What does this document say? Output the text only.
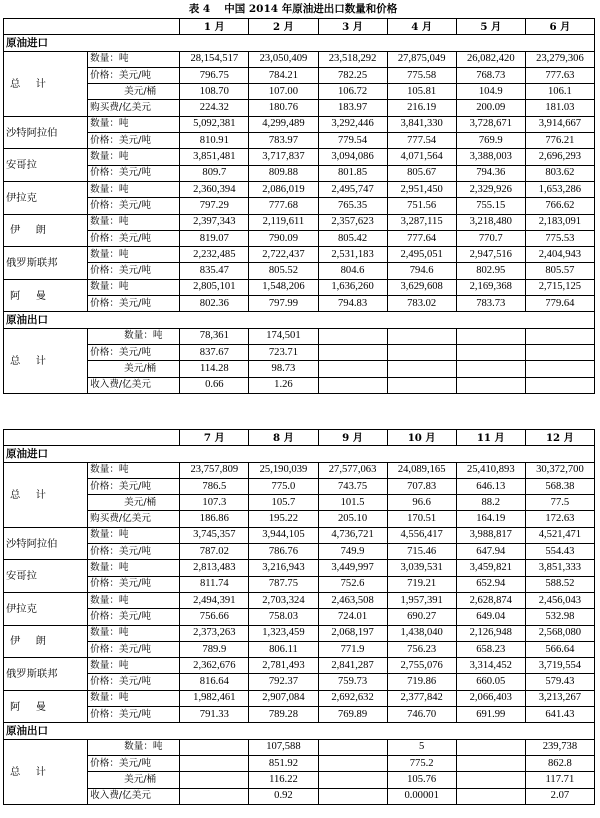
表 4 中国 2014 年原油进出口数量和价格
		1 月	2 月	3 月	4 月	5 月	6 月
原油进口							
总 计	数量：吨	28,154,517	23,050,409	23,518,292	27,875,049	26,082,420	23,279,306
	价格：美元/吨	796.75	784.21	782.25	775.58	768.73	777.63
	美元/桶	108.70	107.00	106.72	105.81	104.9	106.1
	购买费/亿美元	224.32	180.76	183.97	216.19	200.09	181.03
沙特阿拉伯	数量：吨	5,092,381	4,299,489	3,292,446	3,841,330	3,728,671	3,914,667
	价格：美元/吨	810.91	783.97	779.54	777.54	769.9	776.21
安哥拉	数量：吨	3,851,481	3,717,837	3,094,086	4,071,564	3,388,003	2,696,293
	价格：美元/吨	809.7	809.88	801.85	805.67	794.36	803.62
伊拉克	数量：吨	2,360,394	2,086,019	2,495,747	2,951,450	2,329,926	1,653,286
	价格：美元/吨	797.29	777.68	765.35	751.56	755.15	766.62
伊 朗	数量：吨	2,397,343	2,119,611	2,357,623	3,287,115	3,218,480	2,183,091
	价格：美元/吨	819.07	790.09	805.42	777.64	770.7	775.53
俄罗斯联邦	数量：吨	2,232,485	2,722,437	2,531,183	2,495,051	2,947,516	2,404,943
	价格：美元/吨	835.47	805.52	804.6	794.6	802.95	805.57
阿 曼	数量：吨	2,805,101	1,548,206	1,636,260	3,629,608	2,169,368	2,715,125
	价格：美元/吨	802.36	797.99	794.83	783.02	783.73	779.64
原油出口							
总 计	数量：吨	78,361	174,501				
	价格：美元/吨	837.67	723.71				
	美元/桶	114.28	98.73				
	收入费/亿美元	0.66	1.26				
		7 月	8 月	9 月	10 月	11 月	12 月
原油进口							
总 计	数量：吨	23,757,809	25,190,039	27,577,063	24,089,165	25,410,893	30,372,700
	价格：美元/吨	786.5	775.0	743.75	707.83	646.13	568.38
	美元/桶	107.3	105.7	101.5	96.6	88.2	77.5
	购买费/亿美元	186.86	195.22	205.10	170.51	164.19	172.63
沙特阿拉伯	数量：吨	3,745,357	3,944,105	4,736,721	4,556,417	3,988,817	4,521,471
	价格：美元/吨	787.02	786.76	749.9	715.46	647.94	554.43
安哥拉	数量：吨	2,813,483	3,216,943	3,449,997	3,039,531	3,459,821	3,851,333
	价格：美元/吨	811.74	787.75	752.6	719.21	652.94	588.52
伊拉克	数量：吨	2,494,391	2,703,324	2,463,508	1,957,391	2,628,874	2,456,043
	价格：美元/吨	756.66	758.03	724.01	690.27	649.04	532.98
伊 朗	数量：吨	2,373,263	1,323,459	2,068,197	1,438,040	2,126,948	2,568,080
	价格：美元/吨	789.9	806.11	771.9	756.23	658.23	566.64
俄罗斯联邦	数量：吨	2,362,676	2,781,493	2,841,287	2,755,076	3,314,452	3,719,554
	价格：美元/吨	816.64	792.37	759.73	719.86	660.05	579.43
阿 曼	数量：吨	1,982,461	2,907,084	2,692,632	2,377,842	2,066,403	3,213,267
	价格：美元/吨	791.33	789.28	769.89	746.70	691.99	641.43
原油出口							
总 计	数量：吨		107,588		5		239,738
	价格：美元/吨		851.92		775.2		862.8
	美元/桶		116.22		105.76		117.71
	收入费/亿美元		0.92		0.00001		2.07
